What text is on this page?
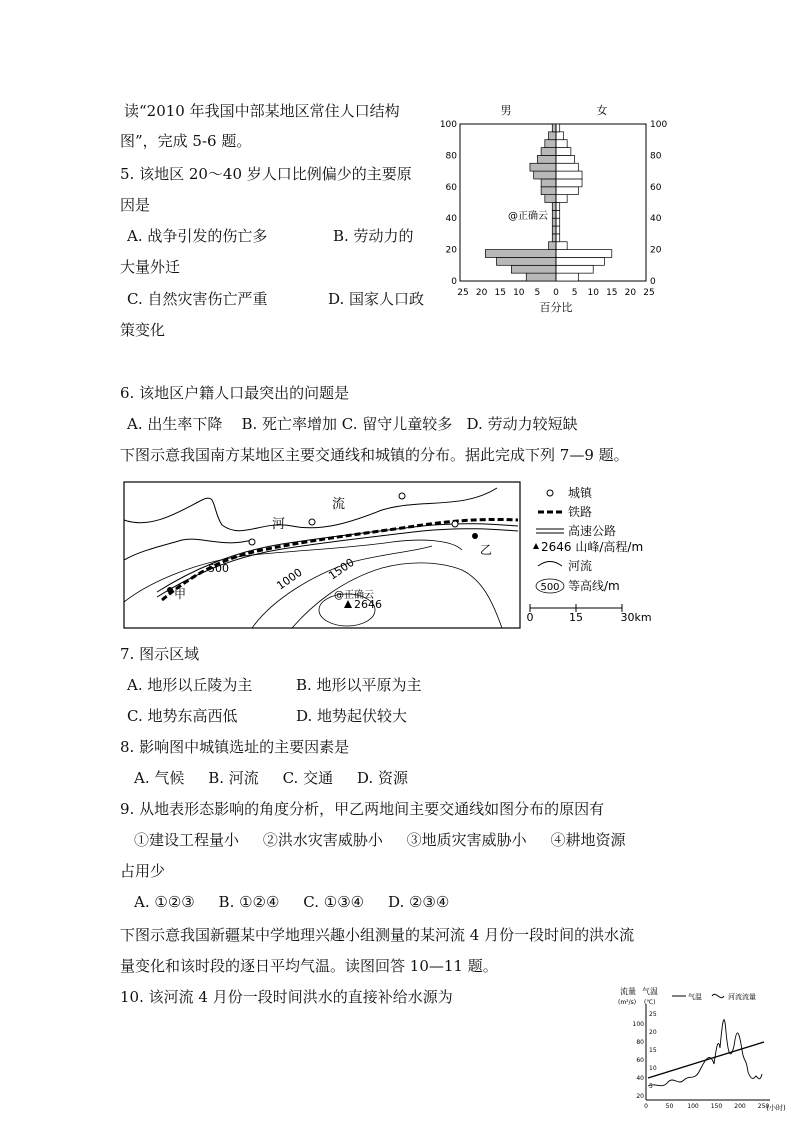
读“2010 年我国中部某地区常住人口结构
图”，完成 5-6 题。
5. 该地区 20～40 岁人口比例偏少的主要原
因是
A. 战争引发的伤亡多	B. 劳动力的
大量外迁
C. 自然灾害伤亡严重	D. 国家人口政
策变化
6. 该地区户籍人口最突出的问题是
A. 出生率下降    B. 死亡率增加 C. 留守儿童较多   D. 劳动力较短缺
下图示意我国南方某地区主要交通线和城镇的分布。据此完成下列 7—9 题。
7. 图示区域
A. 地形以丘陵为主	B. 地形以平原为主
C. 地势东高西低	D. 地势起伏较大
8. 影响图中城镇选址的主要因素是
A. 气候     B. 河流     C. 交通     D. 资源
9. 从地表形态影响的角度分析，甲乙两地间主要交通线如图分布的原因有
①建设工程量小     ②洪水灾害威胁小     ③地质灾害威胁小     ④耕地资源
占用少
A. ①②③     B. ①②④     C. ①③④     D. ②③④
下图示意我国新疆某中学地理兴趣小组测量的某河流 4 月份一段时间的洪水流
量变化和该时段的逐日平均气温。读图回答 10—11 题。
10. 该河流 4 月份一段时间洪水的直接补给水源为
男	女
0
20
40
60
80
100
0
20
40
60
80
100
25 20 15 10 5 0 5 10 15 20 25
@正确云
百分比
流
河
500	1000 1500
2646
甲
乙
@正确云
城镇
铁路
高速公路
2646 山峰/高程/m
河流
500 等高线/m
0	15	30km
流量
(m³/s)
气温
(℃)
气温	河流流量
20
40
60
80
100
5
10
15
20
25
0	50 100 150 200 250
(小时)
